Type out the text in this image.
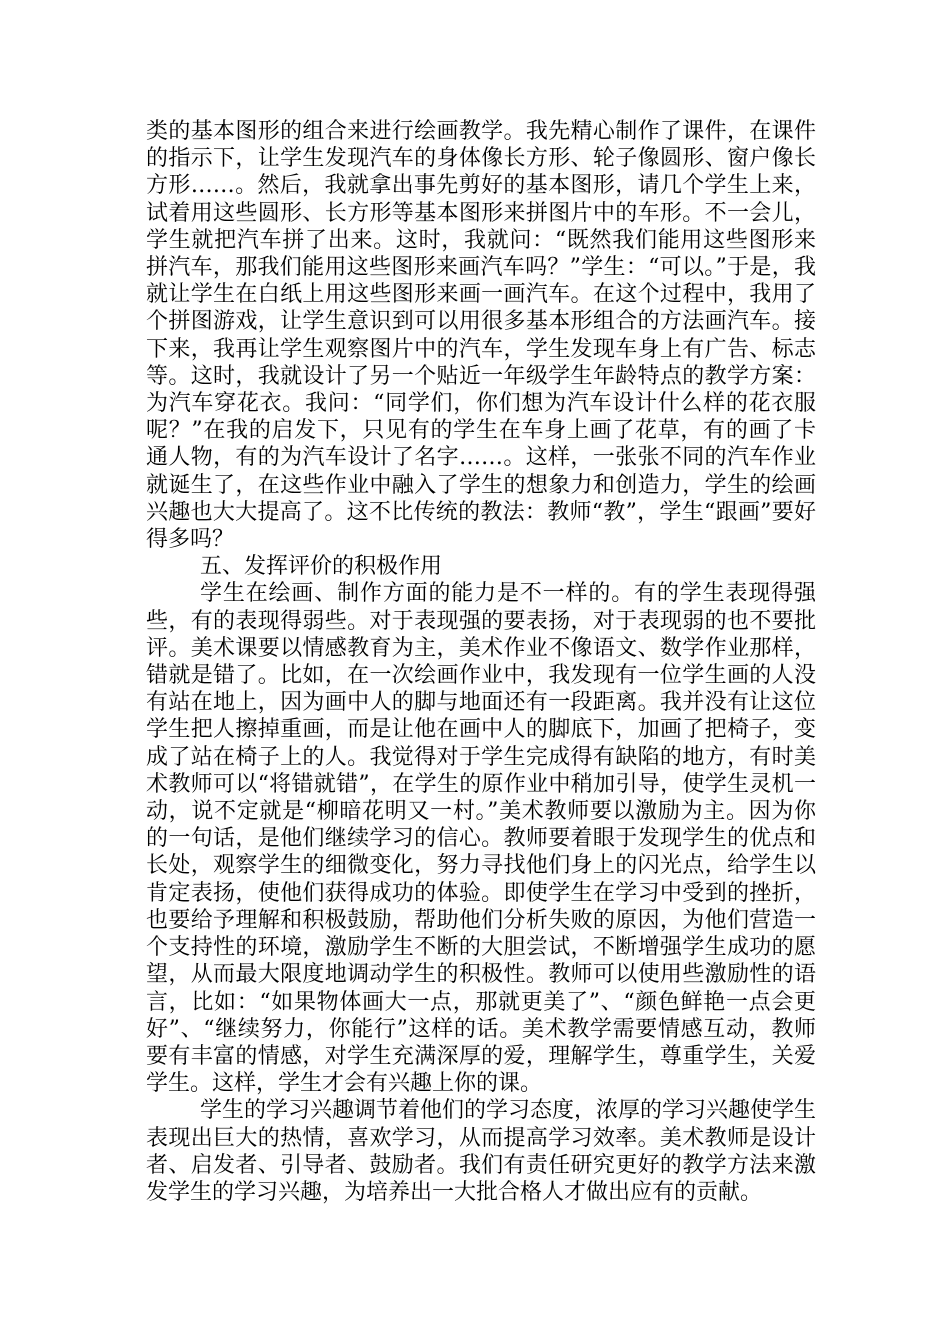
类的基本图形的组合来进行绘画教学。我先精心制作了课件，在课件的指示下，让学生发现汽车的身体像长方形、轮子像圆形、窗户像长方形……。然后，我就拿出事先剪好的基本图形，请几个学生上来，试着用这些圆形、长方形等基本图形来拼图片中的车形。不一会儿，学生就把汽车拼了出来。这时，我就问：“既然我们能用这些图形来拼汽车，那我们能用这些图形来画汽车吗？”学生：“可以。”于是，我就让学生在白纸上用这些图形来画一画汽车。在这个过程中，我用了个拼图游戏，让学生意识到可以用很多基本形组合的方法画汽车。接下来，我再让学生观察图片中的汽车，学生发现车身上有广告、标志等。这时，我就设计了另一个贴近一年级学生年龄特点的教学方案：为汽车穿花衣。我问：“同学们，你们想为汽车设计什么样的花衣服呢？”在我的启发下，只见有的学生在车身上画了花草，有的画了卡通人物，有的为汽车设计了名字……。这样，一张张不同的汽车作业就诞生了，在这些作业中融入了学生的想象力和创造力，学生的绘画兴趣也大大提高了。这不比传统的教法：教师“教”，学生“跟画”要好得多吗？

五、发挥评价的积极作用

学生在绘画、制作方面的能力是不一样的。有的学生表现得强些，有的表现得弱些。对于表现强的要表扬，对于表现弱的也不要批评。美术课要以情感教育为主，美术作业不像语文、数学作业那样，错就是错了。比如，在一次绘画作业中，我发现有一位学生画的人没有站在地上，因为画中人的脚与地面还有一段距离。我并没有让这位学生把人擦掉重画，而是让他在画中人的脚底下，加画了把椅子，变成了站在椅子上的人。我觉得对于学生完成得有缺陷的地方，有时美术教师可以“将错就错”，在学生的原作业中稍加引导，使学生灵机一动，说不定就是“柳暗花明又一村。”美术教师要以激励为主。因为你的一句话，是他们继续学习的信心。教师要着眼于发现学生的优点和长处，观察学生的细微变化，努力寻找他们身上的闪光点，给学生以肯定表扬，使他们获得成功的体验。即使学生在学习中受到的挫折，也要给予理解和积极鼓励，帮助他们分析失败的原因，为他们营造一个支持性的环境，激励学生不断的大胆尝试，不断增强学生成功的愿望，从而最大限度地调动学生的积极性。教师可以使用些激励性的语言，比如：“如果物体画大一点，那就更美了”、“颜色鲜艳一点会更好”、“继续努力，你能行”这样的话。美术教学需要情感互动，教师要有丰富的情感，对学生充满深厚的爱，理解学生，尊重学生，关爱学生。这样，学生才会有兴趣上你的课。

学生的学习兴趣调节着他们的学习态度，浓厚的学习兴趣使学生表现出巨大的热情，喜欢学习，从而提高学习效率。美术教师是设计者、启发者、引导者、鼓励者。我们有责任研究更好的教学方法来激发学生的学习兴趣，为培养出一大批合格人才做出应有的贡献。
